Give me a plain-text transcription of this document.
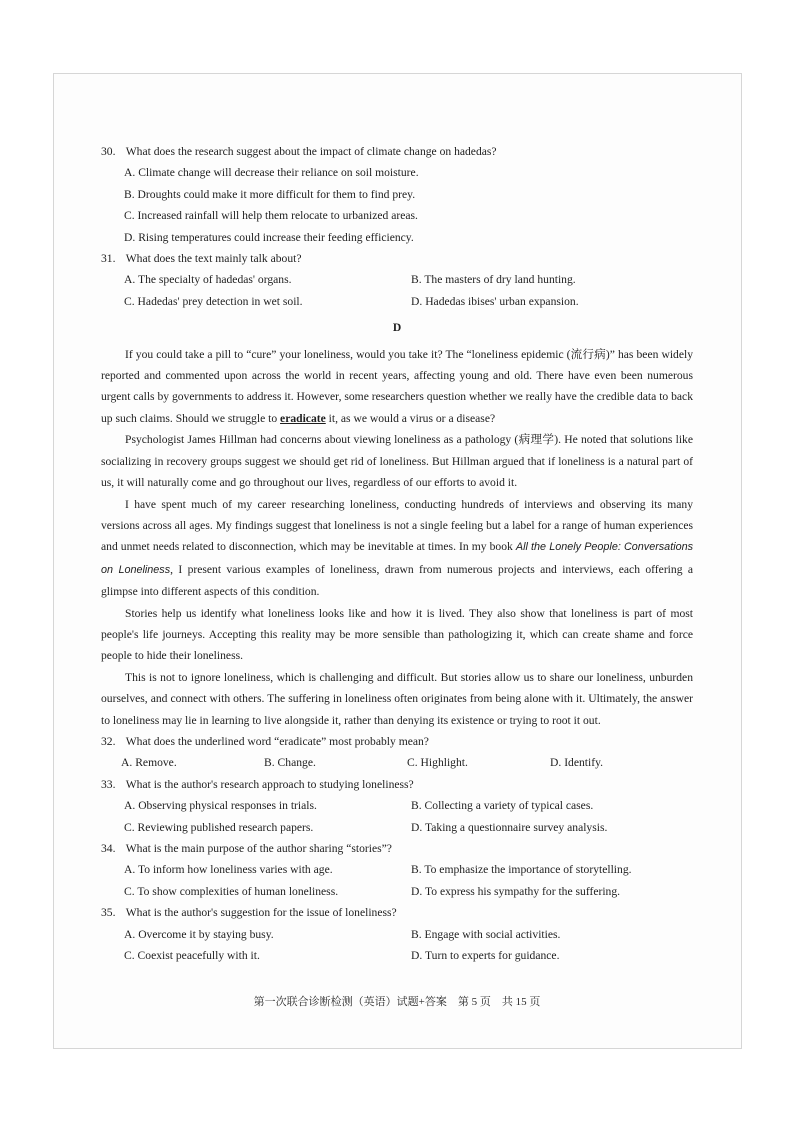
30. What does the research suggest about the impact of climate change on hadedas?

A. Climate change will decrease their reliance on soil moisture.

B. Droughts could make it more difficult for them to find prey.

C. Increased rainfall will help them relocate to urbanized areas.

D. Rising temperatures could increase their feeding efficiency.

31. What does the text mainly talk about?

A. The specialty of hadedas' organs.	B. The masters of dry land hunting.
C. Hadedas' prey detection in wet soil.	D. Hadedas ibises' urban expansion.

D

If you could take a pill to “cure” your loneliness, would you take it? The “loneliness epidemic (流行病)” has been widely reported and commented upon across the world in recent years, affecting young and old. There have even been numerous urgent calls by governments to address it. However, some researchers question whether we really have the credible data to back up such claims. Should we struggle to eradicate it, as we would a virus or a disease?

Psychologist James Hillman had concerns about viewing loneliness as a pathology (病理学). He noted that solutions like socializing in recovery groups suggest we should get rid of loneliness. But Hillman argued that if loneliness is a natural part of us, it will naturally come and go throughout our lives, regardless of our efforts to avoid it.

I have spent much of my career researching loneliness, conducting hundreds of interviews and observing its many versions across all ages. My findings suggest that loneliness is not a single feeling but a label for a range of human experiences and unmet needs related to disconnection, which may be inevitable at times. In my book All the Lonely People: Conversations on Loneliness, I present various examples of loneliness, drawn from numerous projects and interviews, each offering a glimpse into different aspects of this condition.

Stories help us identify what loneliness looks like and how it is lived. They also show that loneliness is part of most people's life journeys. Accepting this reality may be more sensible than pathologizing it, which can create shame and force people to hide their loneliness.

This is not to ignore loneliness, which is challenging and difficult. But stories allow us to share our loneliness, unburden ourselves, and connect with others. The suffering in loneliness often originates from being alone with it. Ultimately, the answer to loneliness may lie in learning to live alongside it, rather than denying its existence or trying to root it out.

32. What does the underlined word “eradicate” most probably mean?

A. Remove.	B. Change.	C. Highlight.	D. Identify.

33. What is the author's research approach to studying loneliness?

A. Observing physical responses in trials.	B. Collecting a variety of typical cases.
C. Reviewing published research papers.	D. Taking a questionnaire survey analysis.

34. What is the main purpose of the author sharing “stories”?

A. To inform how loneliness varies with age.	B. To emphasize the importance of storytelling.
C. To show complexities of human loneliness.	D. To express his sympathy for the suffering.

35. What is the author's suggestion for the issue of loneliness?

A. Overcome it by staying busy.	B. Engage with social activities.
C. Coexist peacefully with it.	D. Turn to experts for guidance.
第一次联合诊断检测（英语）试题+答案　第 5 页　共 15 页
